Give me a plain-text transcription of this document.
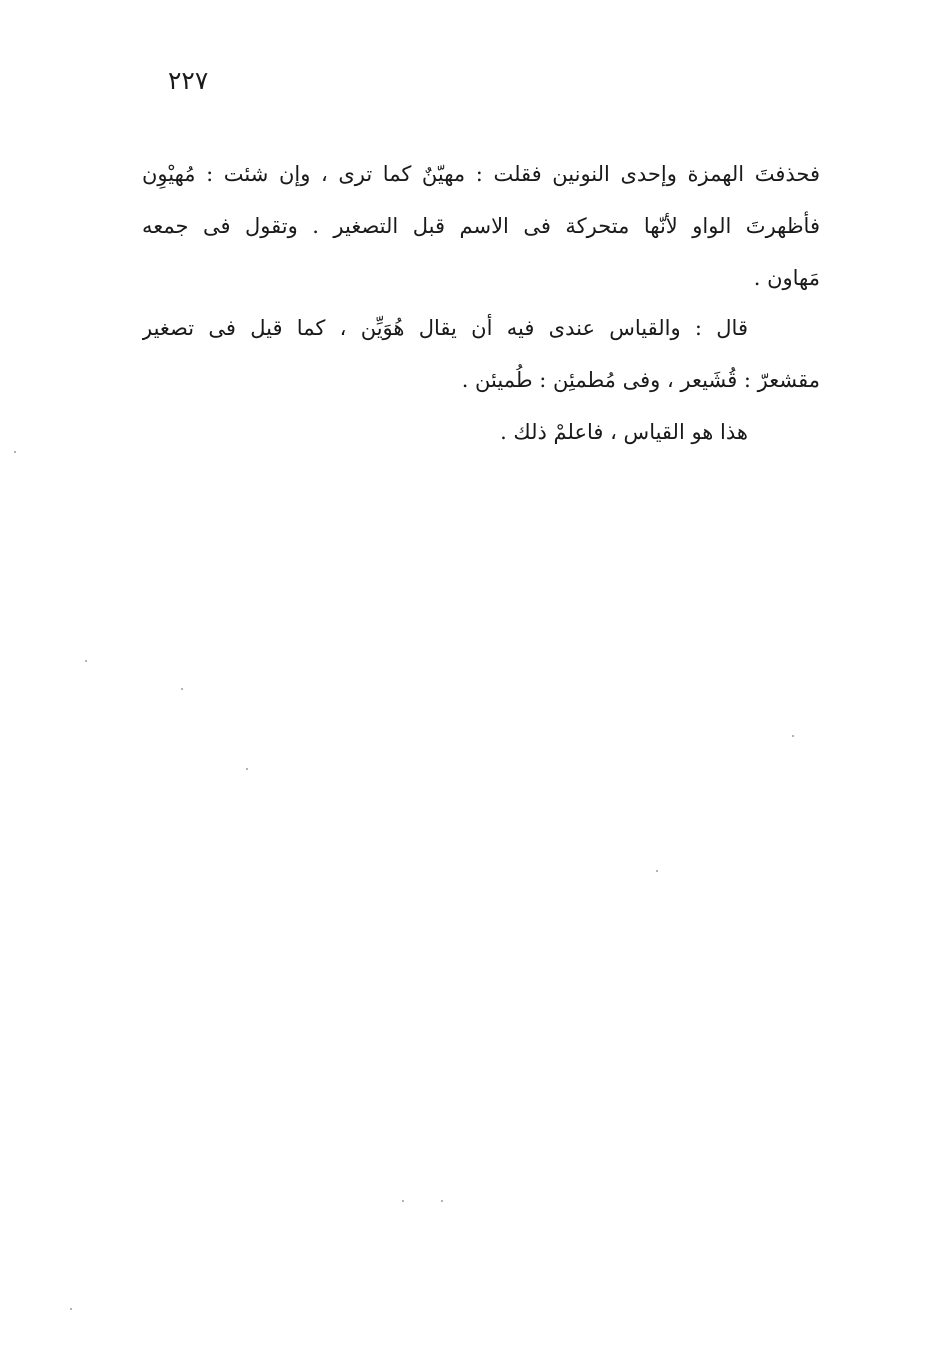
٢٢٧
فحذفتَ الهمزة وإحدى النونين فقلت : مهيّنٌ كما ترى ، وإن شئت : مُهيْوِن
فأظهرتَ الواو لأنّها متحركة فى الاسم قبل التصغير . وتقول فى جمعه
مَهاون .
قال : والقياس عندى فيه أن يقال هُوَيِّن ، كما قيل فى تصغير
مقشعرّ : قُشَيعر ، وفى مُطمئِن : طُميئن .
هذا هو القياس ، فاعلمْ ذلك .
